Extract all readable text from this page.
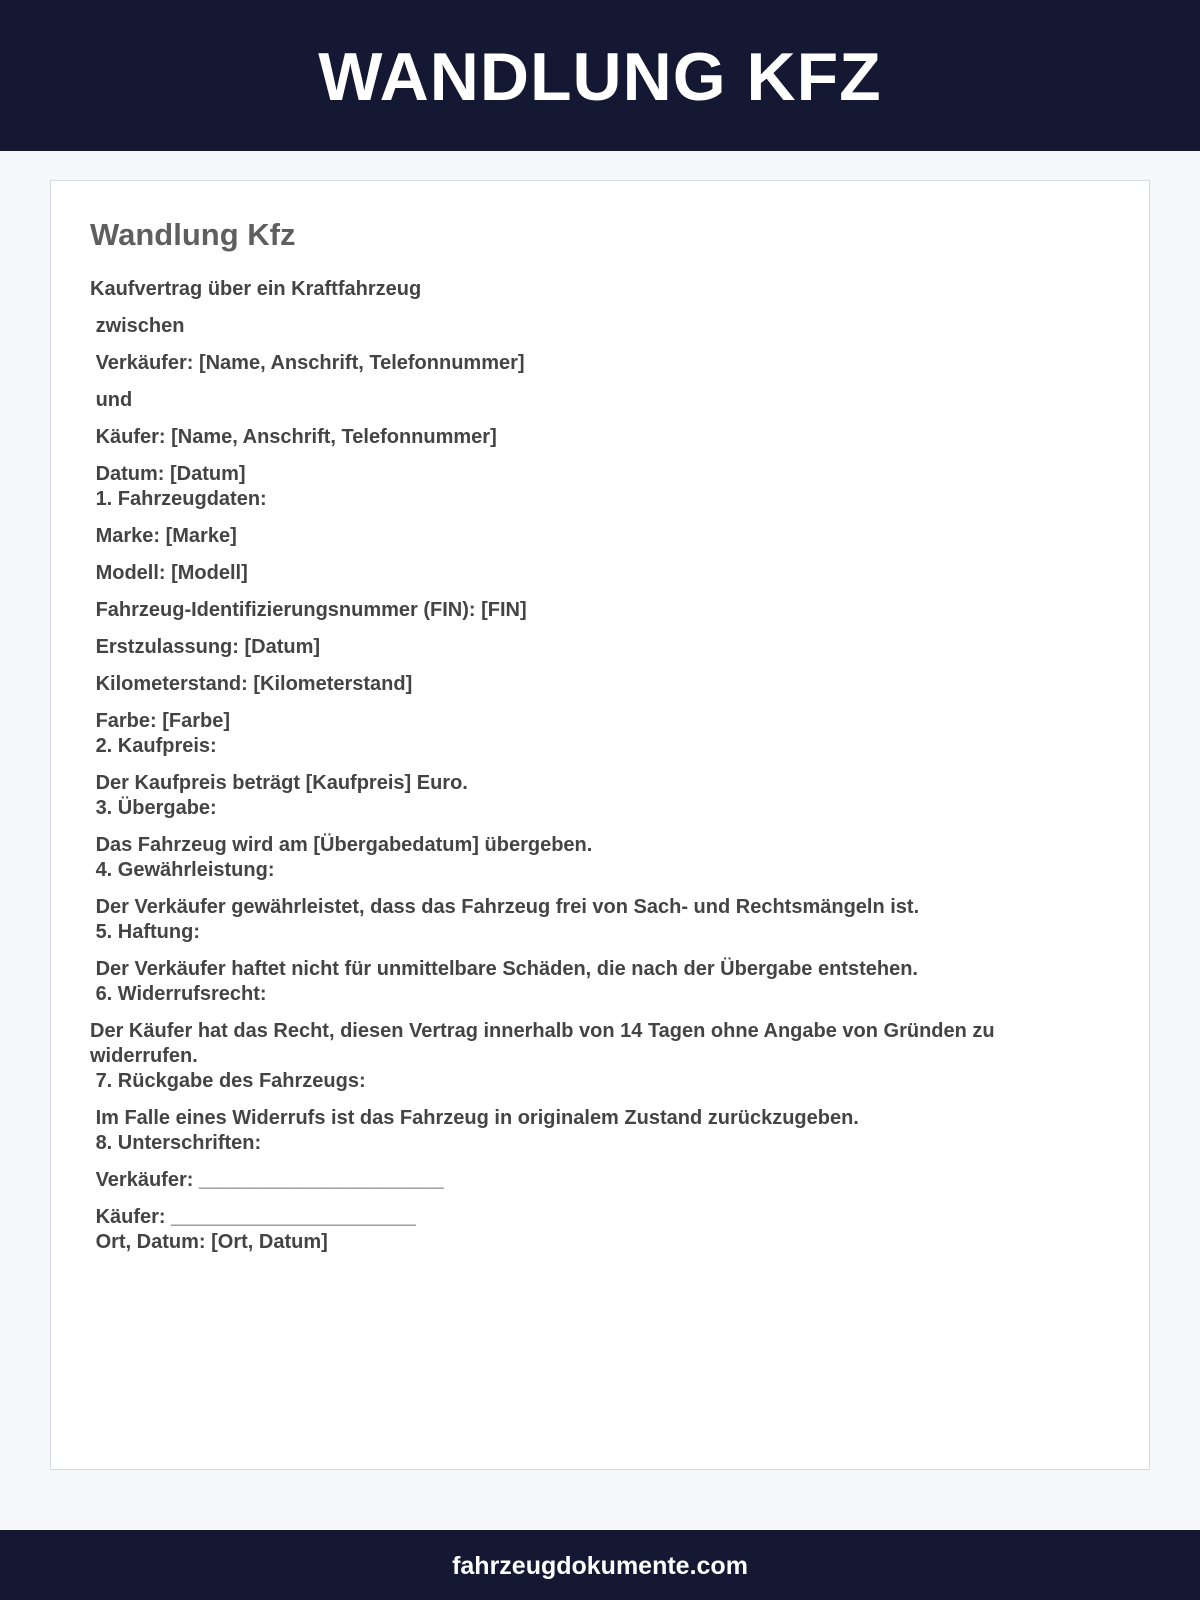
WANDLUNG KFZ
Wandlung Kfz
Kaufvertrag über ein Kraftfahrzeug
zwischen
Verkäufer: [Name, Anschrift, Telefonnummer]
und
Käufer: [Name, Anschrift, Telefonnummer]
Datum: [Datum]
1. Fahrzeugdaten:
Marke: [Marke]
Modell: [Modell]
Fahrzeug-Identifizierungsnummer (FIN): [FIN]
Erstzulassung: [Datum]
Kilometerstand: [Kilometerstand]
Farbe: [Farbe]
2. Kaufpreis:
Der Kaufpreis beträgt [Kaufpreis] Euro.
3. Übergabe:
Das Fahrzeug wird am [Übergabedatum] übergeben.
4. Gewährleistung:
Der Verkäufer gewährleistet, dass das Fahrzeug frei von Sach- und Rechtsmängeln ist.
5. Haftung:
Der Verkäufer haftet nicht für unmittelbare Schäden, die nach der Übergabe entstehen.
6. Widerrufsrecht:
Der Käufer hat das Recht, diesen Vertrag innerhalb von 14 Tagen ohne Angabe von Gründen zu widerrufen.
7. Rückgabe des Fahrzeugs:
Im Falle eines Widerrufs ist das Fahrzeug in originalem Zustand zurückzugeben.
8. Unterschriften:
Verkäufer: ______________________
Käufer: ______________________
Ort, Datum: [Ort, Datum]
fahrzeugdokumente.com
